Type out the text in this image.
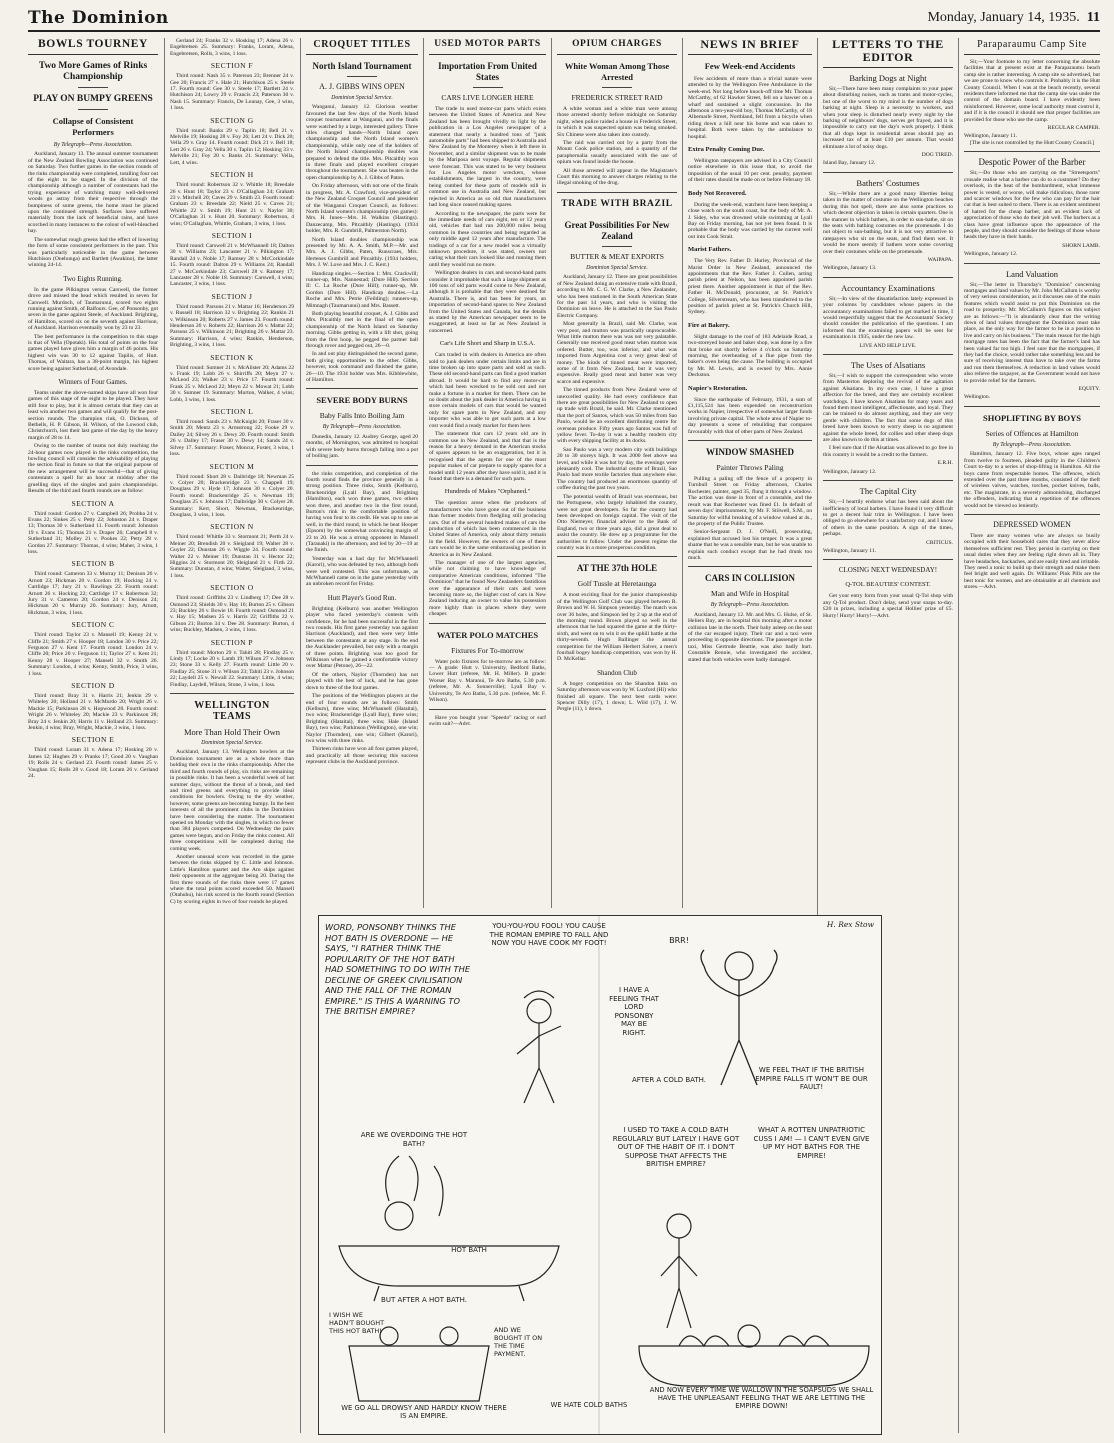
The Dominion	Monday, January 14, 1935. 11
BOWLS TOURNEY
Two More Games of Rinks Championship
PLAY ON BUMPY GREENS
Collapse of Consistent Performers
By Telegraph—Press Association.

Auckland, January 13. The annual summer tournament of the New Zealand Bowling Association was continued on Saturday. Two further games in the section rounds of the rinks championship were completed, totalling four out of the eight to be staged. In the division of the championship although a number of contestants had the trying experience of watching many well-delivered woods go astray from their respective through the bumpiness of some greens, the home must be placed upon the continued strength. Surfaces have suffered materially from the lack of beneficial rains, and have scorched in many instances to the colour of well-bleached hay.

The somewhat rough greens had the effect of lowering the form of some consistent performers in the past. This was particularly noticeable in the game between Hutchison (Onehunga) and Bartlett (Awakino), the latter winning 24-14.

Two Eights Running.

In the game Pilkington versus Carswell, the former drove and missed the head which resulted in seven for Carswell. Murdoch, of Taumarunui, scored two eights running against Smith, of Balfours. Gee, of Ponsonby, got seven in the game against Steele, of Auckland. Brighting, of Hamilton, scored six on the seventh against Harrison, of Auckland. Harrison eventually won by 23 to 23.

The best performance in the competition to this stage is that of Vella (Opotaki). His total of points on the four games played have given him a margin of 46 points. His highest win was 30 to 12 against Tapilis, of Hutt. Thomas, of Waitara, has a 38-point margin, his highest score being against Sutherland, of Avondale.

Winners of Four Games.

Teams under the above-named skips have all won four games of this stage of the eight to be played. They have still four to play, but it is almost certain that they can at least win another two games and will qualify for the post-section rounds. The champion rink, O. Dickson, of Bethells, H. P. Gibson, H. Wilson, of the Lowood club, Christchurch, lost their last game of the day by the heavy margin of 28 to 14.

Owing to the number of teams not duly reaching the 24-hour games now played in the rinks competition, the bowling council will consider the advisability of playing the section final in future so that the original purpose of the new arrangement will be successful—that of giving contestants a spell for an hour at midday after the gruelling days of the singles and pairs championships. Results of the third and fourth rounds are as follow:

SECTION A

Third round: Gordon 27 v. Campbell 26; Probba 24 v. Evans 22; Sinkes 25 v. Petty 22; Johnston 24 v. Draper 13; Thomas 30 v. Sutherland 11. Fourth round: Johnston 19 v. Evans 15; Thomas 21 v. Draper 26; Campbell 8 v. Sutherland 31; Molley 21 v. Pookes 22; Petty 28 v. Gordon 27. Summary: Thomas, 4 wins; Maher, 3 wins, 1 loss.

SECTION B

Third round: Cameron 33 v. Murray 11; Denison 26 v. Arnott 23; Hickman 20 v. Gordon 19; Hocking 24 v. Cartlidge 17; Jury 21 v. Rawlings 22. Fourth round: Arnott 26 v. Hocking 22; Cartlidge 17 v. Robertson 32; Jury 31 v. Cameron 20; Gordon 24 v. Denison 24; Hickman 20 v. Murray 20. Summary: Jury, Arnott, Hickman, 3 wins, 1 loss.

SECTION C

Third round: Taylor 23 v. Mansell 19; Kenny 24 v. Cliffe 21; Smith 27 v. Hooper 18; London 30 v. Price 22; Ferguson 27 v. Kent 17. Fourth round: London 24 v. Cliffe 20; Price 20 v. Ferguson 11; Taylor 27 v. Kent 21; Kenny 28 v. Hooper 27; Mansell 32 v. Smith 26. Summary: London, 4 wins; Kenny, Smith, Price, 3 wins, 1 loss.

SECTION D

Third round: Bray 31 v. Harris 21; Jenkin 29 v. Whiteley 20; Holland 21 v. McMurdo 20; Wright 26 v. Mackie 15; Parkinson 28 v. Hopwood 28. Fourth round: Wright 26 v. Whiteley 20; Mackie 23 v. Parkinson 28; Bray 24 v. Jenkin 20; Harris 11 v. Holland 23. Summary: Jenkin, 4 wins; Bray, Wright, Mackie, 3 wins, 1 loss.

SECTION E

Third round: Loram 31 v. Adena 17; Hosking 20 v. James 12; Hughes 29 v. Pranks 17; Good 20 v. Vaughan 19; Rolls 24 v. Gerland 23. Fourth round: James 25 v. Vaughan 15; Rolls 28 v. Good 18; Loram 26 v. Gerland 24.

Gerland 24; Franks 32 v. Hosking 17; Adena 26 v. Engebretsen 25. Summary: Franks, Loram, Adena, Engebretsen, Rolls, 3 wins, 1 loss.

SECTION F

Third round: Nash 35 v. Paterson 23; Brenner 24 v. Gee 20; Francis 27 v. Hale 21; Hutchison 25 v. Steele 17. Fourth round: Gee 30 v. Steele 17; Bartlett 24 v. Hutchison 24; Lowry 29 v. Francis 23; Paterson 30 v. Nash 15. Summary: Francis, De Lounay, Gee, 3 wins, 1 loss.

SECTION G

Third round: Banks 29 v. Taplin 18; Bell 21 v. Melville 19; Hosking 28 v. Foy 26; Lett 24 v. Dick 20; Vella 29 v. Gray 14. Fourth round: Dick 21 v. Bell 18; Lett 26 v. Gray 24; Vella 30 v. Taplin 12; Hosking 33 v. Melville 21; Foy 20 v. Banks 21. Summary: Vella, Lett, 4 wins.

SECTION H

Third round: Robertson 32 v. Whittle 18; Breedale 26 v. Hunt 18; Taylor 23 v. O'Callaghan 24; Graham 23 v. Mitchell 20; Caves 29 v. Smith 23. Fourth round: Graham 23 v. Breedale 22; Nield 25 v. Caves 21; Whittle 22 v. Smith 19; Hunt 21 v. Naylor 30; O'Callaghan 31 v. Hunt 20. Summary: Robertson, 4 wins; O'Callaghan, Whittle, Graham, 3 wins, 1 loss.

SECTION I

Third round: Carswell 21 v. McWhannell 18; Dalton 30 v. Williams 23; Lancaster 21 v. Pilkington 17; Randall 24 v. Noble 17; Ramsey 28 v. McCorkindale 15. Fourth round: Dalton 29 v. Williams 24; Randall 27 v. McCorkindale 23; Carswell 28 v. Ramsey 17; Lancaster 28 v. Noble 18. Summary: Carswell, 4 wins; Lancaster, 3 wins, 1 loss.

SECTION J

Third round: Parsons 21 v. Mattar 16; Henderson 29 v. Russell 18; Harrison 32 v. Brighting 22; Rankin 21 v. Wilkinson 20; Roberts 27 v. James 23. Fourth round: Henderson 26 v. Roberts 22; Harrison 26 v. Mattar 22; Parsons 25 v. Wilkinson 21; Brighting 26 v. Mattar 23. Summary: Harrison, 4 wins; Rankin, Henderson, Brighting, 3 wins, 1 loss.

SECTION K

Third round: Sumner 21 v. McAlister 20; Adams 22 v. Frank 19; Lobb 26 v. Shirriffs 20; Meyn 27 v. McLeod 23; Walker 23 v. Price 17. Fourth round: Frank 25 v. McLeod 22; Meyn 22 v. Mowat 21; Lobb 30 v. Sumner 19. Summary: Murton, Walker, 4 wins; Lobb, 3 wins, 1 loss.

SECTION L

Third round: Sands 23 v. McKnight 20; Fraser 30 v. Smith 20; Mentz 23 v. Armstrong 22; Fooke 29 v. Dailey 24; Silvey 26 v. Dewy 20. Fourth round: Smith 26 v. Dalley 17; Fraser 30 v. Dewy 14; Sands 24 v. Silvey 17. Summary: Fraser, Moncur, Foster, 3 wins, 1 loss.

SECTION M

Third round: Short 28 v. Daibridge 18; Newman 25 v. Colyer 20; Brackenridge 23 v. Chappell 19; Douglass 29 v. Hyde 17; Johnson 30 v. Colyer 20. Fourth round: Brackenridge 25 v. Newman 19; Douglass 25 v. Johnson 17; Daibridge 30 v. Colyer 28. Summary: Kerr, Short, Newman, Brackenridge, Douglass, 3 wins, 1 loss.

SECTION N

Third round: Whittle 33 v. Stormont 21; Perth 24 v. Meiner 20; Brendish 20 v. Sleigland 19; Walter 28 v. Guyler 22; Dunstan 26 v. Wiggle 24. Fourth round: Walter 22 v. Meiner 19; Dunstan 31 v. Hector 22; Higgins 24 v. Stormont 20; Sleigland 21 v. Firth 22. Summary: Dunstan, 4 wins; Walter, Sleigland, 3 wins, 1 loss.

SECTION O

Third round: Griffiths 23 v. Lindberg 17; Dee 28 v. Osmond 23; Shields 30 v. Hay 16; Burton 25 v. Gibson 23; Buckley 26 v. Bowie 18. Fourth round: Osmond 21 v. Hay 15; Madsen 25 v. Harris 22; Griffiths 22 v. Gibson 21; Burton 34 v. Dee 28. Summary: Burton, 4 wins; Buckley, Madsen, 3 wins, 1 loss.

SECTION P

Third round: Morton 29 v. Tahiti 28; Findlay 25 v. Lindy 17; Locke 20 v. Lamb 19; Wilson 27 v. Johnson 23; Stone 33 v. Kelly 27. Fourth round: Little 20 v. Findlay 25; Stone 31 v. Wilson 23; Tahiti 23 v. Johnson 22; Laydell 25 v. Newall 22. Summary: Little, 4 wins; Findlay, Laydell, Wilson, Stone, 3 wins, 1 loss.

WELLINGTON TEAMS
More Than Hold Their Own
Dominion Special Service.

Auckland, January 13. Wellington bowlers at the Dominion tournament are as a whole more than holding their own in the rinks championship. After the third and fourth rounds of play, six rinks are remaining in possible rinks. It has been a wonderful week of hot summer days, without the threat of a break, and tied and tired greens and everything to provide ideal conditions for bowlers. Owing to the dry weather, however, some greens are becoming bumpy. In the best interests of all the prominent clubs in the Dominion have been considering the matter. The tournament opened on Monday with the singles, in which no fewer than 384 players competed. On Wednesday the pairs games were begun, and on Friday the rinks contest. All three competitions will be completed during the coming week.

Another unusual score was recorded in the game between the rinks skipped by C. Little and Johnson. Little's Hamilton quartet and the Aro skips against their opponents at the aggregate being 20. During the first three rounds of the rinks there were 17 games where the total points scored exceeded 50. Mansell (Otahuhu), his rink scored in the fourth round (Section C) by scoring eights in two of four rounds he played.

CROQUET TITLES
North Island Tournament
A. J. GIBBS WINS OPEN
Dominion Special Service.

Wanganui, January 12. Glorious weather favoured the last few days of the North Island croquet tournament at Wanganui, and the finals were watched by a large, interested gallery. Three titles changed hands—North Island open championship and the North Island women's championship, while only one of the holders of the North Island championship doubles was prepared to defend the title. Mrs. Pitcaithly won in three finals and played excellent croquet throughout the tournament. She was beaten in the open championship by A. J. Gibbs of Paton.

On Friday afternoon, with not one of the finals in progress, Mr. A. Crawford, vice-president of the New Zealand Croquet Council and president of the Wanganui Croquet Council, as follows: North Island women's championship (ten games): Mrs. H. Innes—Mrs. H. Walkins (Hastings). Danzecamp, Mrs. Pitcaithly (Hastings). (1934 holder, Mrs. R. Gumbrill, Palmerston North).

North Island doubles championship was presented by Mr. A. A. Smith, M.P.—Mr. and Mrs. A. J. Gibbs, Paten, Runscraes, Mrs. Hertenes Gumbrill and Pitcaithly. (1934 holders, Mrs. J. W. Love and Mrs. J. C. Kerr.)

Handicap singles.—Section 1: Mrs. Crackwill; runner-up, Mrs. Nannestad; (Dure Hill). Section II: C. La Roche (Dure Hill); runner-up, Mr. Gordon (Dure Hill). Handicap doubles.—La Roche and Mrs. Petrie (Feilding); runners-up, Mimnagh (Taumarunui) and Mrs. Bassett.

Both playing beautiful croquet, A. J. Gibbs and Mrs. Pitcaithly met in the final of the open championship of the North Island on Saturday morning. Gibbs getting in, with a lift shot, going from the first hoop, he pegged the partner ball through rover and pegged out, 26—0.

In and out play distinguished the second game, both giving opportunities to the other. Gibbs, however, took command and finished the game, 26—10. The 1934 holder was Mrs. Kibblewhite, of Hamilton.

SEVERE BODY BURNS
Baby Falls Into Boiling Jam
By Telegraph—Press Association.

Dunedin, January 12. Audrey George, aged 20 months, of Mornington, was admitted to hospital with severe body burns through falling into a pot of boiling jam.

the rinks competition, and completion of the fourth round finds the province generally in a strong position. Three rinks, Smith (Kelburn), Brackenridge (Lyall Bay), and Brighting (Hamilton), each won three games, two others won three, and another two in the first round, Burton's rink in the comfortable position of having won four to its credit. He was up to one as well, in the third round, in which he beat Hooper (Epsom) by the somewhat convincing margin of 23 to 20. He was a strong opponent in Mansell (Taranaki) in the afternoon, and led by 20—19 at the finish.

Yesterday was a bad day for McWhannell (Karori), who was defeated by two, although both were well contested. This was unfortunate, as McWhannell came on in the game yesterday with an unbroken record for Friday.

Hutt Player's Good Run.

Brighting (Kelburn) was another Wellington player who faced yesterday's contests with confidence, for he had been successful in the first two rounds. His first game yesterday was against Harrison (Auckland), and then were very little between the contestants at any stage. In the end the Aucklander prevailed, but only with a margin of three points. Brighting was too good for Wilkinson when he gained a comfortable victory over Mattar (Petone), 26—22.

Of the others, Naylor (Thornden) has not played with the best of luck, and he has gone down to three of the four games.

The positions of the Wellington players at the end of four rounds are as follows: Smith (Kelburn), three wins; McWhannell (Hataitai), two wins; Brackenridge (Lyall Bay), three wins; Brighting (Hataitai), three wins; Hale (Island Bay), two wins; Parkinson (Wellington), one win; Naylor (Thornden), one win; Gilbert (Karori), two wins with three rinks.

Thirteen rinks have won all four games played, and practically all those securing this success represent clubs in the Auckland province.

USED MOTOR PARTS
Importation From United States
CARS LIVE LONGER HERE

The trade in used motor-car parts which exists between the United States of America and New Zealand has been brought vividly to light by the publication in a Los Angeles newspaper of a statement that nearly a hundred tons of "junk automobile parts" had been shipped to Australia and New Zealand by the Monterey when it left there in November, and a similar shipment was to be made by the Mariposa next voyage. Regular shipments were forecast. This was stated to be very business for Los Angeles motor wreckers, whose establishments, the largest in the country, were being combed for these parts of models still in common use in Australia and New Zealand, but rejected in America as so old that manufacturers had long since ceased making spares.

According to the newspaper, the parts were for the immediate needs of cars eight, ten or 12 years old, vehicles that had run 200,000 miles being common in these countries and being regarded as only middle aged 12 years after manufacture. The tradings of a car for a new model was a virtually unknown procedure, it was stated, owners not caring what their cars looked like and running them until they would run no more.

Wellington dealers in cars and second-hand parts consider it improbable that such a large shipment as 100 tons of old parts would come to New Zealand, although it is probable that they were destined for Australia. There is, and has been for years, an importation of second-hand spares to New Zealand from the United States and Canada, but the details as stated by the American newspaper seem to be exaggerated, at least so far as New Zealand is concerned.

Car's Life Short and Sharp in U.S.A.

Cars traded in with dealers in America are often sold to junk dealers under certain limits and are in time broken up into spare parts and sold as such. These old second-hand parts can find a good market abroad. It would be hard to find any motor-car which had been wrecked to be sold out and not make a fortune in a market for them. There can be no doubt about the junk dealer in America having in store certain models of cars that would be wanted only for spare parts in New Zealand, and any importer who was able to get such parts at a low cost would find a ready market for them here.

The statement that cars 12 years old are in common use in New Zealand, and that that is the reason for a heavy demand in the American stocks of spares appears to be an exaggeration, but it is recognised that the agents for one of the most popular makes of car prepare to supply spares for a model until 12 years after they have sold it, and it is found that there is a demand for such parts.

Hundreds of Makes "Orphaned."

The question arose when the producers of manufacturers who have gone out of the business than former models from fledgling still producing cars. Out of the several hundred makes of cars the production of which has been commenced in the United States of America, only about thirty remain in the field. However, the owners of one of these cars would be in the same embarrassing position in America as in New Zealand.

The manager of one of the largest agencies, while not claiming to have knowledge of comparative American conditions, informed "The Dominion" that he found New Zealanders fastidious over the appearance of their cars and were becoming more so, the higher cost of cars in New Zealand inducing an owner to value his possession more highly than in places where they were cheaper.

WATER POLO MATCHES
Fixtures For To-morrow

Water polo fixtures for to-morrow are as follow:— A grade: Hutt v. University, Bedford Baths, Lower Hutt (referee, Mr. H. Miller). B grade: Worser Bay v. Maranui, Te Aro Baths, 5.30 p.m. (referee, Mr. A. Sonnerville); Lyall Bay v. University, Te Aro Baths, 5.30 p.m. (referee, Mr. F. Wilson).

Have you bought your "Speedo" racing or surf swim suit?—Advt.

OPIUM CHARGES
White Woman Among Those Arrested
FREDERICK STREET RAID

A white woman and a white man were among those arrested shortly before midnight on Saturday night, when police raided a house in Frederick Street, in which it was suspected opium was being smoked. Six Chinese were also taken into custody.

The raid was carried out by a party from the Mount Cook police station, and a quantity of the paraphernalia usually associated with the use of opium was found inside the house.

All those arrested will appear in the Magistrate's Court this morning to answer charges relating to the illegal smoking of the drug.

TRADE WITH BRAZIL
Great Possibilities For New Zealand
BUTTER & MEAT EXPORTS
Dominion Special Service.

Auckland, January 12. There are great possibilities of New Zealand doing an extensive trade with Brazil, according to Mr. C. G. W. Clarke, a New Zealander, who has been stationed in the South American State for the past 14 years, and who is visiting the Dominion on leave. He is attached to the Sao Paulo Electric Company.

Most generally in Brazil, said Mr. Clarke, was very poor, and mutton was practically unprocurable. What little mutton there was was not very palatable. Generally one received good meat when mutton was ordered. Butter, too, was inferior, and what was imported from Argentina cost a very great deal of money. The kinds of tinned meat were imported, some of it from New Zealand, but it was very expensive. Really good meat and butter was very scarce and expensive.

The tinned products from New Zealand were of unexcelled quality. He had every confidence that there are great possibilities for New Zealand to open up trade with Brazil, he said. Mr. Clarke mentioned that the port of Santos, which was 50 miles from Sao Paulo, would be an excellent distributing centre for overseas produce. Fifty years ago Santos was full of yellow fever. To-day it was a healthy modern city with every shipping facility at its docks.

Sao Paulo was a very modern city with buildings 20 to 30 storeys high. It was 2000 feet above sea level, and while it was hot by day, the evenings were pleasantly cool. The industrial centre of Brazil, Sao Paulo had more textile factories than anywhere else. The country had produced an enormous quantity of coffee during the past two years.

The potential wealth of Brazil was enormous, but the Portuguese, who largely inhabited the country, were not great developers. So far the country had been developed on foreign capital. The visit of the Otto Niemeyer, financial adviser to the Bank of England, two or three years ago, did a great deal to assist the country. He drew up a programme for the authorities to follow. Under the present regime the country was in a more prosperous condition.

AT THE 37th HOLE
Golf Tussle at Heretaunga

A most exciting final for the junior championship of the Wellington Golf Club was played between R. Brown and W. H. Simpson yesterday. The match was over 36 holes, and Simpson led by 2 up at the end of the morning round. Brown played so well in the afternoon that he had squared the game at the thirty-sixth, and went on to win it on the uphill battle at the thirty-seventh. Hugh Ballinger the annual competition for the William Herbert Salver, a men's fourball bogey handicap competition, was won by H. D. McKellar.

Shandon Club

A bogey competition on the Shandon links on Saturday afternoon was won by W. Luxford (Hi) who finished all square. The next best cards were: Spencer Dilly (17), 1 down; L. Wild (17), J. W. Pergle (11), 1 down.

NEWS IN BRIEF
Few Week-end Accidents

Few accidents of more than a trivial nature were attended to by the Wellington Free Ambulance in the week-end. Not long before knock-off time Mr. Thomas McCarthy, of 62 Hawker Street, fell on a hawser on a wharf and sustained a slight concussion. In the afternoon a ten-year-old boy, Thomas McCarthy, of 18 Albemarle Street, Northland, fell from a bicycle when riding down a hill near his home and was taken to hospital. Both were taken by the ambulance to hospital.

Extra Penalty Coming Due.

Wellington ratepayers are advised in a City Council notice elsewhere in this issue that, to avoid the imposition of the usual 10 per cent. penalty, payment of their rates should be made on or before February 18.

Body Not Recovered.

During the week-end, watchers have been keeping a close watch on the south coast, but the body of Mr. A. J. Sidey, who was drowned while swimming at Lyall Bay on Friday morning, has not yet been found. It is probable that the body was carried by the current well out into Cook Strait.

Marist Fathers.

The Very Rev. Father D. Hurley, Provincial of the Marist Order in New Zealand, announced the appointments that the Rev. Father J. Cullen, acting parish priest at Nelson, has been appointed parish priest there. Another appointment is that of the Rev. Father H. McDonald, procurator, at St. Patrick's College, Silverstream, who has been transferred to the position of parish priest at St. Patrick's Church Hill, Sydney.

Fire at Bakery.

Slight damage to the roof of 183 Adelaide Road, a two-storeyed house and baker shop, was done by a fire that broke out shortly before 4 o'clock on Saturday morning, the overheating of a flue pipe from the baker's oven being the cause. The building is occupied by Mr. M. Lewis, and is owned by Mrs. Annie Deckston.

Napier's Restoration.

Since the earthquake of February, 1931, a sum of £1,115,524 has been expended on reconstruction works in Napier, irrespective of somewhat larger funds involving private capital. The whole area of Napier to-day presents a scene of rebuilding that compares favourably with that of other parts of New Zealand.

WINDOW SMASHED
Painter Throws Paling

Pulling a paling off the fence of a property in Turnbull Street on Friday afternoon, Charles Rochester, painter, aged 35, flung it through a window. The action was done in front of a constable, and the result was that Rochester was fined £1. In default of seven days' imprisonment, by Mr. F. Stilwell, S.M., on Saturday for wilful breaking of a window valued at 4s., the property of the Public Trustee.

Senior-Sergeant D. J. O'Neill, prosecuting, explained that accused lost his temper. It was a great shame that he was a sensible man, but he was unable to explain such conduct except that he had drunk too much.

CARS IN COLLISION
Man and Wife in Hospital
By Telegraph—Press Association.

Auckland, January 12. Mr. and Mrs. G. Hulse, of St. Heliers Bay, are in hospital this morning after a motor collision late in the north. Their baby asleep on the seat of the car escaped injury. Their car and a taxi were proceeding in opposite directions. The passenger in the taxi, Miss Gertrude Beattie, was also badly hurt. Constable Rennie, who investigated the accident, stated that both vehicles were badly damaged.

LETTERS TO THE EDITOR
Barking Dogs at Night

Sir,—There have been many complaints to your paper about disturbing noises, such as trams and motor-cycles, but one of the worst to my mind is the number of dogs barking at night. Sleep is a necessity to workers, and when your sleep is disturbed nearly every night by the barking of neighbours' dogs, nerves get frayed, and it is impossible to carry out the day's work properly. I think that all dogs kept in residential areas should pay an increased tax of at least £10 per annum. That would eliminate a lot of noisy dogs.

DOG TIRED.
Island Bay, January 12.
Bathers' Costumes

Sir,—While there are a good many liberties being taken in the matter of costume on the Wellington beaches during this hot spell, there are also some practices to which decent objection is taken in certain quarters. One is the manner in which bathers, in order to sun-bathe, sit on the seats with bathing costumes on the promenade. I do not object to sun-bathing, but it is not very attractive to ratepayers who sit on the seats, and find them wet. It would be more seemly if bathers wore some covering over their costumes while on the promenade.

WAIPAPA.
Wellington, January 13.
Accountancy Examinations

Sir,—In view of the dissatisfaction lately expressed in your columns by candidates whose papers in the accountancy examinations failed to get marked in time, I would respectfully suggest that the Accountants' Society should consider the publication of the questions. I am informed that the examining papers will be sent for examination in 1935, under the new law.

LIVE AND HELP LIVE.
The Uses of Alsatians

Sir,—I wish to support the correspondent who wrote from Masterton deploring the revival of the agitation against Alsatians. In my own case, I have a great affection for the breed, and they are certainly excellent watchdogs. I have known Alsatians for many years and found them most intelligent, affectionate, and loyal. They can be trained to do almost anything, and they are very gentle with children. The fact that some dogs of this breed have been known to worry sheep is no argument against the whole breed, for collies and other sheep dogs are also known to do this at times.

I feel sure that if the Alsatian was allowed to go free in this country it would be a credit to the farmers.

E.R.H.
Wellington, January 12.
The Capital City

Sir,—I heartily endorse what has been said about the inefficiency of local barbers. I have found it very difficult to get a decent hair trim in Wellington. I have been obliged to go elsewhere for a satisfactory cut, and I know of others in the same position. A sign of the times, perhaps.

CRITICUS.
Wellington, January 11.
CLOSING NEXT WEDNESDAY!
Q-TOL BEAUTIES' CONTEST.

Get your entry form from your usual Q-Tol shop with any Q-Tol product. Don't delay, send your snaps to-day. £20 in prizes, including a special Hollies' prize of £5. Hurry! Hurry! Hurry!—Advt.

Paraparaumu Camp Site

Sir,—Your footnote to my letter concerning the absolute facilities that at present exist at the Paraparaumu beach camp site is rather interesting. A camp site so advertised, but we are prone to know who controls it. Probably it is the Hutt County Council. When I was at the beach recently, several residents there informed me that the camp site was under the control of the domain board. I have evidently been misinformed. However, some local authority must control it, and if it is the council it should see that proper facilities are provided for those who use the camp.

REGULAR CAMPER.
Wellington, January 11.

[The site is not controlled by the Hutt County Council.]

Despotic Power of the Barber

Sir,—Do those who are carrying on the "Streetsports" crusade realise what a barber can do to a customer? Do they overlook, in the heat of the bombardment, what immense power is vested, or worse, will make ridiculous, those rarer and scarcer windows for the few who can pay for the hair cut that is best suited to them. There is an evident sentiment of hatred for the cheap barber, and an evident lack of appreciation of those who do their job well. The barbers as a class have great influence upon the appearance of the people, and they should consider the feelings of those whose heads they have in their hands.

SHORN LAMB.
Wellington, January 12.
Land Valuation

Sir,—The letter in Thursday's "Dominion" concerning mortgages and land values by Mr. John McCallum is worthy of very serious consideration, as it discusses one of the main features which would assist to put this Dominion on the road to prosperity. Mr. McCallum's figures on this subject are as follows:—"It is abundantly clear that the writing down of land values throughout the Dominion must take place, as the only way for the farmer to be in a position to live and carry on his business." The main reason for the high mortgage rates has been the fact that the farmer's land has been valued far too high. I feel sure that the mortgagees, if they had the choice, would rather take something less and be sure of receiving interest than have to take over the farms and run them themselves. A reduction in land values would also relieve the taxpayer, as the Government would not have to provide relief for the farmers.

EQUITY.
Wellington.
SHOPLIFTING BY BOYS
Series of Offences at Hamilton
By Telegraph—Press Association.

Hamilton, January 12. Five boys, whose ages ranged from twelve to fourteen, pleaded guilty in the Children's Court to-day to a series of shop-lifting in Hamilton. All the boys came from respectable homes. The offences, which extended over the past three months, consisted of the theft of wireless valves, watches, torches, pocket knives, balls, etc. The magistrate, in a severely admonishing, discharged the offenders, indicating that a repetition of the offences would not be viewed so leniently.

DEPRESSED WOMEN

There are many women who are always so busily occupied with their household cares that they never allow themselves sufficient rest. They persist in carrying on their usual duties when they are feeling right down all in. They have headaches, backaches, and are easily tired and irritable. They need a tonic to build up their strength and make them feel bright and well again. Dr. Williams' Pink Pills are the best tonic for women, and are obtainable at all chemists and stores.—Advt.

WORD, PONSONBY THINKS THE HOT BATH IS OVERDONE — HE SAYS, "I RATHER THINK THE POPULARITY OF THE HOT BATH HAD SOMETHING TO DO WITH THE DECLINE OF GREEK CIVILISATION AND THE FALL OF THE ROMAN EMPIRE." IS THIS A WARNING TO THE BRITISH EMPIRE?
YOU-YOU-YOU FOOL! YOU CAUSE THE ROMAN EMPIRE TO FALL AND NOW YOU HAVE COOK MY FOOT!
HOT BATH
ARE WE OVERDOING THE HOT BATH?
BRR!
I HAVE A FEELING THAT LORD PONSONBY MAY BE RIGHT.
AFTER A COLD BATH.
WE FEEL THAT IF THE BRITISH EMPIRE FALLS IT WON'T BE OUR FAULT!
I USED TO TAKE A COLD BATH REGULARLY BUT LATELY I HAVE GOT OUT OF THE HABIT OF IT. I DON'T SUPPOSE THAT AFFECTS THE BRITISH EMPIRE?
WHAT A ROTTEN UNPATRIOTIC CUSS I AM! — I CAN'T EVEN GIVE UP MY HOT BATHS FOR THE EMPIRE!
I WISH WE HADN'T BOUGHT THIS HOT BATH!	AND WE BOUGHT IT ON THE TIME PAYMENT.
BUT AFTER A HOT BATH.
WE GO ALL DROWSY AND HARDLY KNOW THERE IS AN EMPIRE.
WE HATE COLD BATHS
AND NOW EVERY TIME WE WALLOW IN THE SOAPSUDS WE SHALL HAVE THE UNPLEASANT FEELING THAT WE ARE LETTING THE EMPIRE DOWN!
H. Rex Stow
